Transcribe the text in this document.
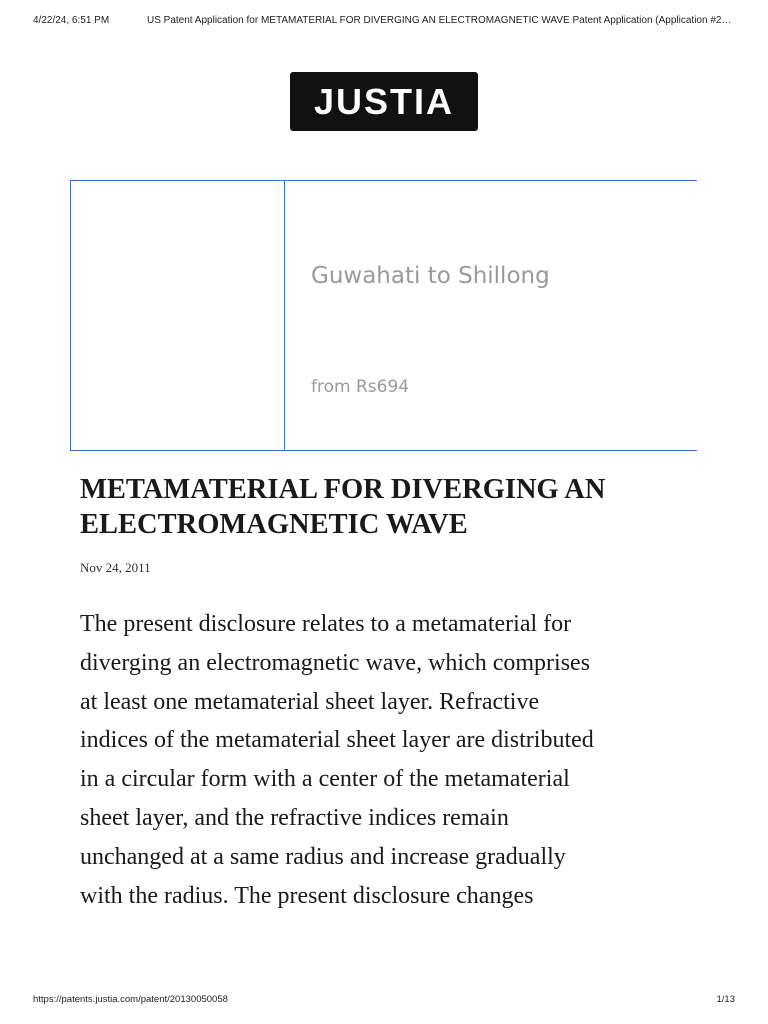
4/22/24, 6:51 PM	US Patent Application for METAMATERIAL FOR DIVERGING AN ELECTROMAGNETIC WAVE Patent Application (Application #2…
JUSTIA
Guwahati to Shillong
from Rs694
METAMATERIAL FOR DIVERGING AN
ELECTROMAGNETIC WAVE
Nov 24, 2011

The present disclosure relates to a metamaterial for
diverging an electromagnetic wave, which comprises
at least one metamaterial sheet layer. Refractive
indices of the metamaterial sheet layer are distributed
in a circular form with a center of the metamaterial
sheet layer, and the refractive indices remain
unchanged at a same radius and increase gradually
with the radius. The present disclosure changes

https://patents.justia.com/patent/20130050058	1/13
